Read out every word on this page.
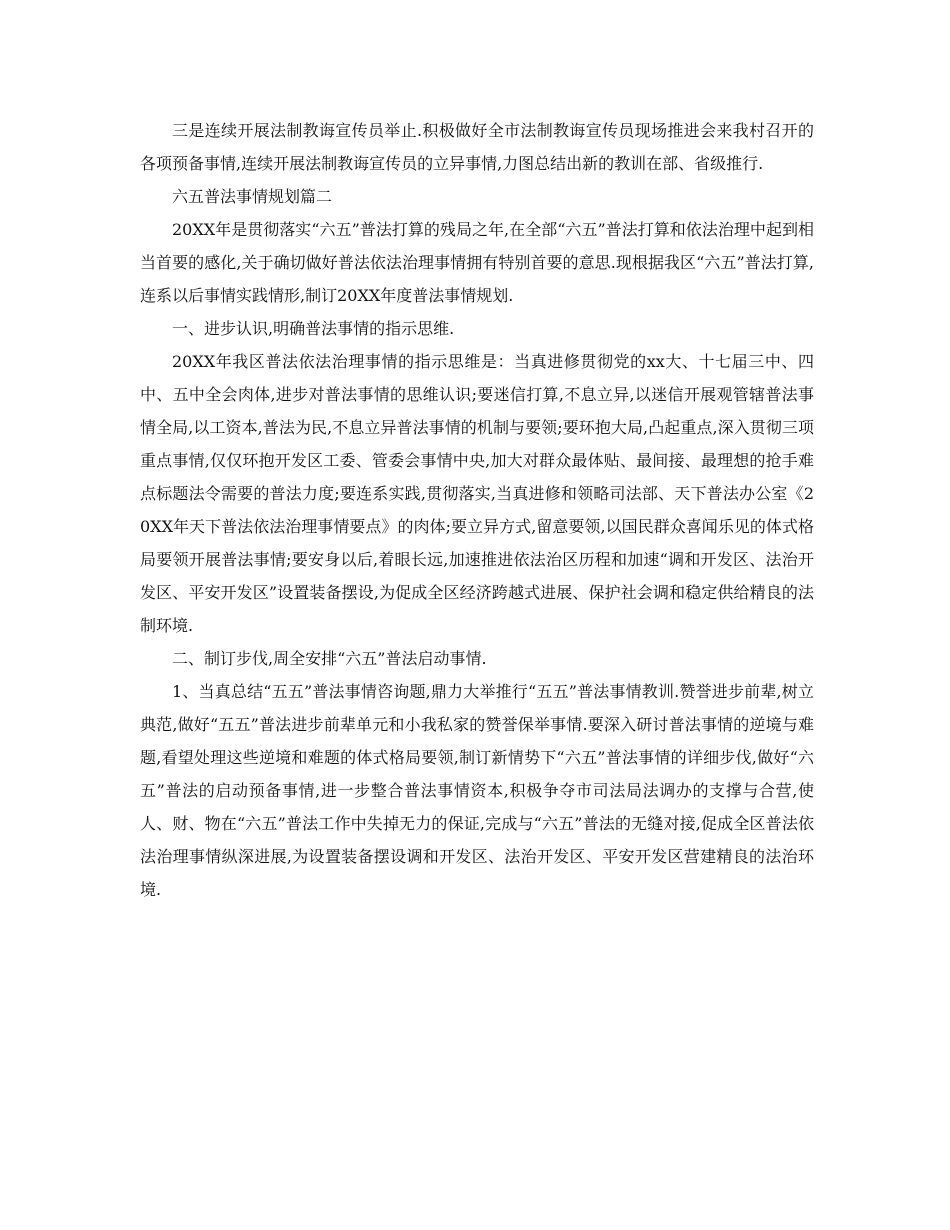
三是连续开展法制教诲宣传员举止.积极做好全市法制教诲宣传员现场推进会来我村召开的各项预备事情,连续开展法制教诲宣传员的立异事情,力图总结出新的教训在部、省级推行.

六五普法事情规划篇二

20XX年是贯彻落实“六五”普法打算的残局之年,在全部“六五”普法打算和依法治理中起到相当首要的感化,关于确切做好普法依法治理事情拥有特别首要的意思.现根据我区“六五”普法打算,连系以后事情实践情形,制订20XX年度普法事情规划.

一、进步认识,明确普法事情的指示思维.

20XX年我区普法依法治理事情的指示思维是：当真进修贯彻党的xx大、十七届三中、四中、五中全会肉体,进步对普法事情的思维认识;要迷信打算,不息立异,以迷信开展观管辖普法事情全局,以工资本,普法为民,不息立异普法事情的机制与要领;要环抱大局,凸起重点,深入贯彻三项重点事情,仅仅环抱开发区工委、管委会事情中央,加大对群众最体贴、最间接、最理想的抢手难点标题法令需要的普法力度;要连系实践,贯彻落实,当真进修和领略司法部、天下普法办公室《20XX年天下普法依法治理事情要点》的肉体;要立异方式,留意要领,以国民群众喜闻乐见的体式格局要领开展普法事情;要安身以后,着眼长远,加速推进依法治区历程和加速“调和开发区、法治开发区、平安开发区”设置装备摆设,为促成全区经济跨越式进展、保护社会调和稳定供给精良的法制环境.

二、制订步伐,周全安排“六五”普法启动事情.

1、当真总结“五五”普法事情咨询题,鼎力大举推行“五五”普法事情教训.赞誉进步前辈,树立典范,做好“五五”普法进步前辈单元和小我私家的赞誉保举事情.要深入研讨普法事情的逆境与难题,看望处理这些逆境和难题的体式格局要领,制订新情势下“六五”普法事情的详细步伐,做好“六五”普法的启动预备事情,进一步整合普法事情资本,积极争夺市司法局法调办的支撑与合营,使人、财、物在“六五”普法工作中失掉无力的保证,完成与“六五”普法的无缝对接,促成全区普法依法治理事情纵深进展,为设置装备摆设调和开发区、法治开发区、平安开发区营建精良的法治环境.
